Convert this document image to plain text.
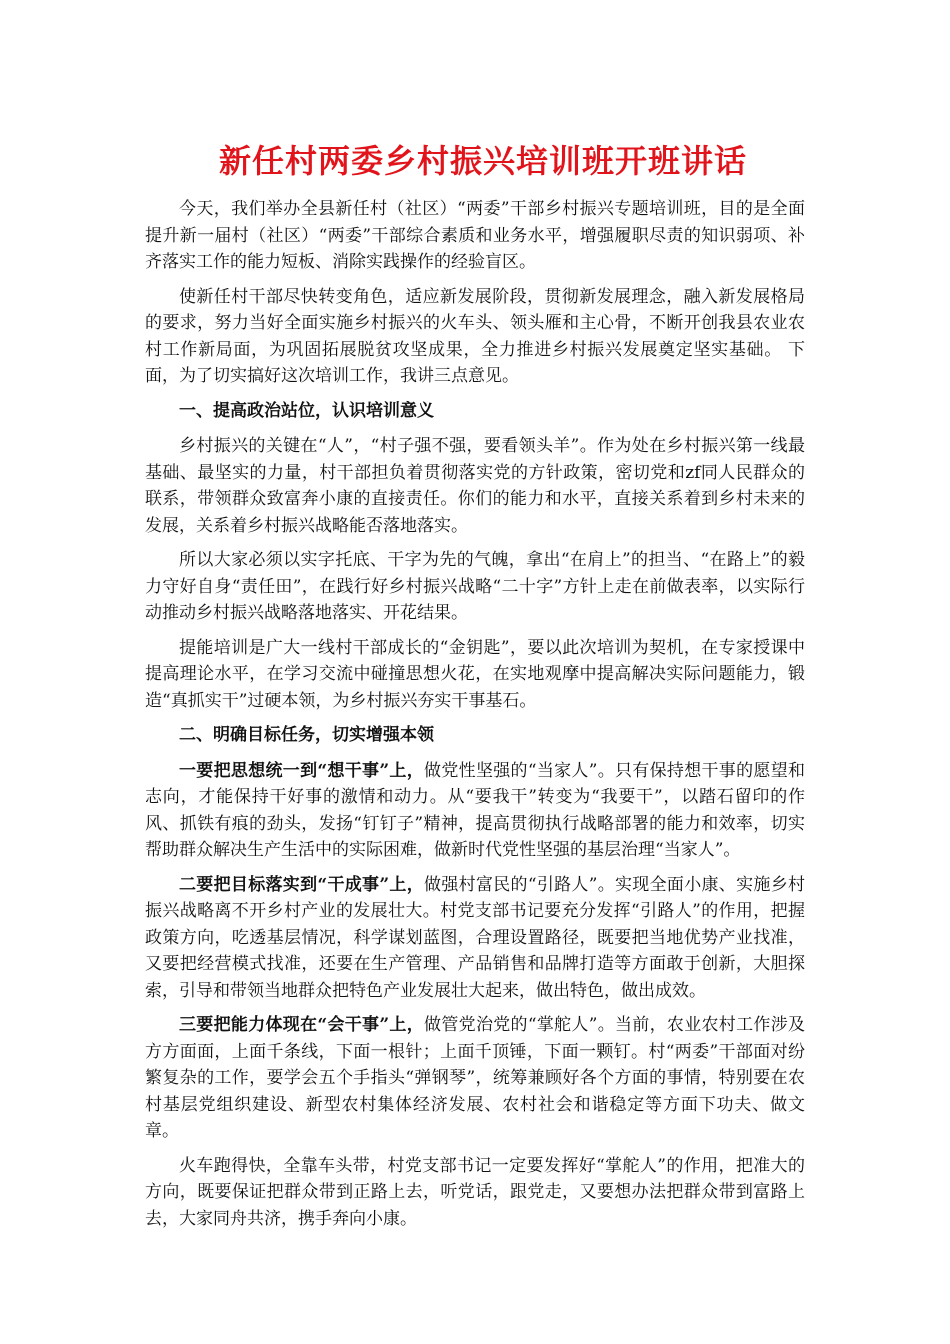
新任村两委乡村振兴培训班开班讲话

今天，我们举办全县新任村（社区）“两委”干部乡村振兴专题培训班，目的是全面提升新一届村（社区）“两委”干部综合素质和业务水平，增强履职尽责的知识弱项、补齐落实工作的能力短板、消除实践操作的经验盲区。

使新任村干部尽快转变角色，适应新发展阶段，贯彻新发展理念，融入新发展格局的要求，努力当好全面实施乡村振兴的火车头、领头雁和主心骨，不断开创我县农业农村工作新局面，为巩固拓展脱贫攻坚成果，全力推进乡村振兴发展奠定坚实基础。 下面，为了切实搞好这次培训工作，我讲三点意见。

一、提高政治站位，认识培训意义

乡村振兴的关键在“人”，“村子强不强，要看领头羊”。作为处在乡村振兴第一线最基础、最坚实的力量，村干部担负着贯彻落实党的方针政策，密切党和zf同人民群众的联系，带领群众致富奔小康的直接责任。你们的能力和水平，直接关系着到乡村未来的发展，关系着乡村振兴战略能否落地落实。

所以大家必须以实字托底、干字为先的气魄，拿出“在肩上”的担当、“在路上”的毅力守好自身“责任田”，在践行好乡村振兴战略“二十字”方针上走在前做表率，以实际行动推动乡村振兴战略落地落实、开花结果。

提能培训是广大一线村干部成长的“金钥匙”，要以此次培训为契机，在专家授课中提高理论水平，在学习交流中碰撞思想火花，在实地观摩中提高解决实际问题能力，锻造“真抓实干”过硬本领，为乡村振兴夯实干事基石。

二、明确目标任务，切实增强本领

一要把思想统一到“想干事”上，做党性坚强的“当家人”。只有保持想干事的愿望和志向，才能保持干好事的激情和动力。从“要我干”转变为“我要干”，以踏石留印的作风、抓铁有痕的劲头，发扬“钉钉子”精神，提高贯彻执行战略部署的能力和效率，切实帮助群众解决生产生活中的实际困难，做新时代党性坚强的基层治理“当家人”。

二要把目标落实到“干成事”上，做强村富民的“引路人”。实现全面小康、实施乡村振兴战略离不开乡村产业的发展壮大。村党支部书记要充分发挥“引路人”的作用，把握政策方向，吃透基层情况，科学谋划蓝图，合理设置路径，既要把当地优势产业找准，又要把经营模式找准，还要在生产管理、产品销售和品牌打造等方面敢于创新，大胆探索，引导和带领当地群众把特色产业发展壮大起来，做出特色，做出成效。

三要把能力体现在“会干事”上，做管党治党的“掌舵人”。当前，农业农村工作涉及方方面面，上面千条线，下面一根针；上面千顶锤，下面一颗钉。村“两委”干部面对纷繁复杂的工作，要学会五个手指头“弹钢琴”，统筹兼顾好各个方面的事情，特别要在农村基层党组织建设、新型农村集体经济发展、农村社会和谐稳定等方面下功夫、做文章。

火车跑得快，全靠车头带，村党支部书记一定要发挥好“掌舵人”的作用，把准大的方向，既要保证把群众带到正路上去，听党话，跟党走，又要想办法把群众带到富路上去，大家同舟共济，携手奔向小康。
